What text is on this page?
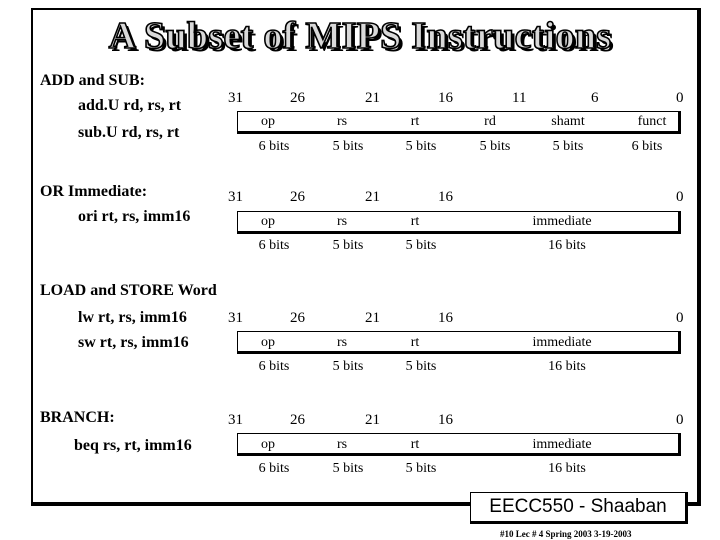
A Subset of MIPS Instructions
ADD and SUB:
add.U rd, rs, rt
sub.U rd, rs, rt
31	26	21	16	11	6	0
op	rs	rt	rd	shamt	funct
6 bits	5 bits	5 bits	5 bits	5 bits	6 bits
OR Immediate:
ori rt, rs, imm16
31	26	21	16	0
op	rs	rt	immediate
6 bits	5 bits	5 bits	16 bits
LOAD and STORE Word
lw rt, rs, imm16
sw rt, rs, imm16
31	26	21	16	0
op	rs	rt	immediate
6 bits	5 bits	5 bits	16 bits
BRANCH:
beq rs, rt, imm16
31	26	21	16	0
op	rs	rt	immediate
6 bits	5 bits	5 bits	16 bits
EECC550 - Shaaban
#10 Lec # 4 Spring 2003 3-19-2003
